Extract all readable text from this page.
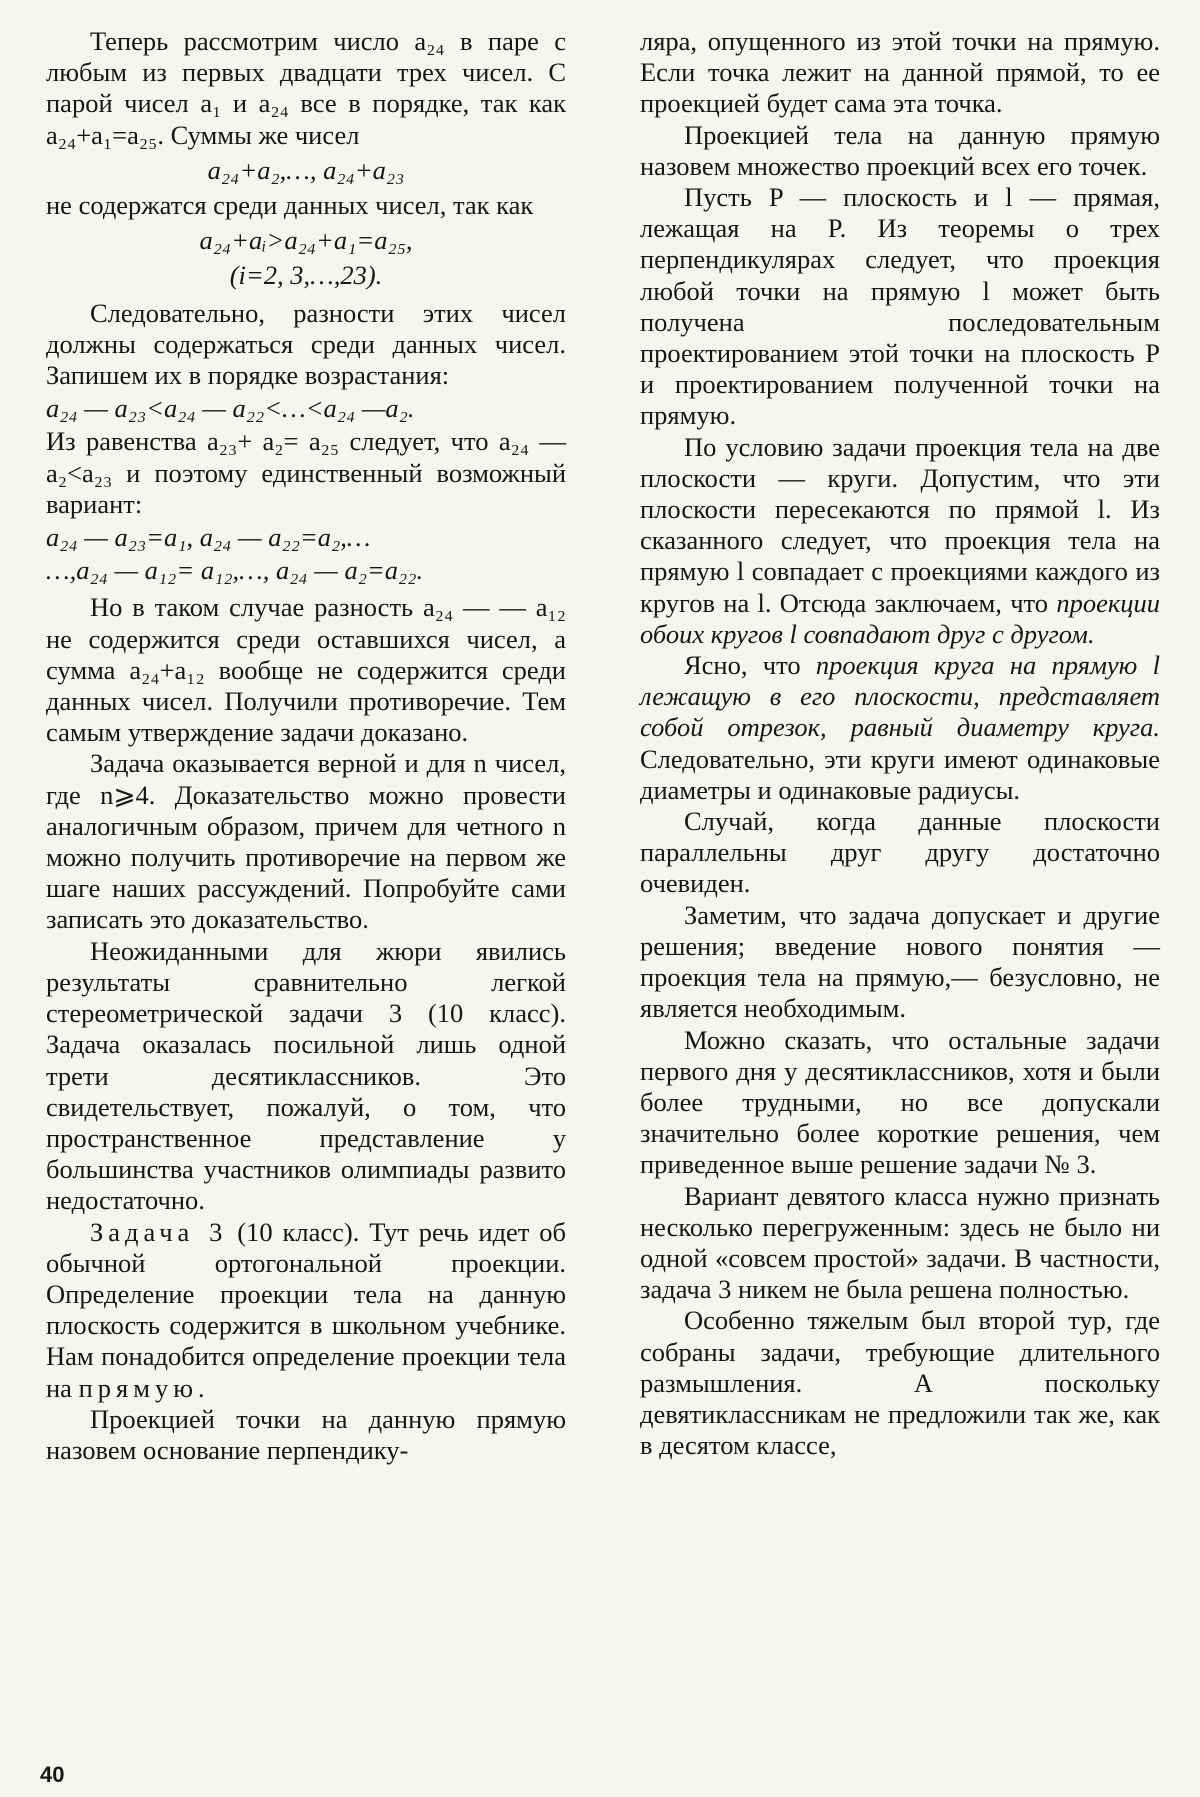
Теперь рассмотрим число a₂₄ в паре с любым из первых двадцати трех чисел. С парой чисел a₁ и a₂₄ все в порядке, так как a₂₄+a₁=a₂₅. Суммы же чисел

a₂₄+a₂,…, a₂₄+a₂₃

не содержатся среди данных чисел, так как

a₂₄+aᵢ>a₂₄+a₁=a₂₅,

(i=2, 3,…,23).

Следовательно, разности этих чисел должны содержаться среди данных чисел. Запишем их в порядке возрастания:

a₂₄ — a₂₃<a₂₄ — a₂₂<…<a₂₄ —a₂.

Из равенства a₂₃+ a₂= a₂₅ следует, что a₂₄ — a₂<a₂₃ и поэтому единственный возможный вариант:

a₂₄ — a₂₃=a₁, a₂₄ — a₂₂=a₂,…

…,a₂₄ — a₁₂= a₁₂,…, a₂₄ — a₂=a₂₂.

Но в таком случае разность a₂₄ — — a₁₂ не содержится среди оставшихся чисел, а сумма a₂₄+a₁₂ вообще не содержится среди данных чисел. Получили противоречие. Тем самым утверждение задачи доказано.

Задача оказывается верной и для n чисел, где n⩾4. Доказательство можно провести аналогичным образом, причем для четного n можно получить противоречие на первом же шаге наших рассуждений. Попробуйте сами записать это доказательство.

Неожиданными для жюри явились результаты сравнительно легкой стереометрической задачи 3 (10 класс). Задача оказалась посильной лишь одной трети десятиклассников. Это свидетельствует, пожалуй, о том, что пространственное представление у большинства участников олимпиады развито недостаточно.

Задача 3 (10 класс). Тут речь идет об обычной ортогональной проекции. Определение проекции тела на данную плоскость содержится в школьном учебнике. Нам понадобится определение проекции тела на прямую.

Проекцией точки на данную прямую назовем основание перпендику-

ляра, опущенного из этой точки на прямую. Если точка лежит на данной прямой, то ее проекцией будет сама эта точка.

Проекцией тела на данную прямую назовем множество проекций всех его точек.

Пусть P — плоскость и l — прямая, лежащая на P. Из теоремы о трех перпендикулярах следует, что проекция любой точки на прямую l может быть получена последовательным проектированием этой точки на плоскость P и проектированием полученной точки на прямую.

По условию задачи проекция тела на две плоскости — круги. Допустим, что эти плоскости пересекаются по прямой l. Из сказанного следует, что проекция тела на прямую l совпадает с проекциями каждого из кругов на l. Отсюда заключаем, что проекции обоих кругов l совпадают друг с другом.

Ясно, что проекция круга на прямую l лежащую в его плоскости, представляет собой отрезок, равный диаметру круга. Следовательно, эти круги имеют одинаковые диаметры и одинаковые радиусы.

Случай, когда данные плоскости параллельны друг другу достаточно очевиден.

Заметим, что задача допускает и другие решения; введение нового понятия — проекция тела на прямую,— безусловно, не является необходимым.

Можно сказать, что остальные задачи первого дня у десятиклассников, хотя и были более трудными, но все допускали значительно более короткие решения, чем приведенное выше решение задачи № 3.

Вариант девятого класса нужно признать несколько перегруженным: здесь не было ни одной «совсем простой» задачи. В частности, задача 3 никем не была решена полностью.

Особенно тяжелым был второй тур, где собраны задачи, требующие длительного размышления. А поскольку девятиклассникам не предложили так же, как в десятом классе,

40
